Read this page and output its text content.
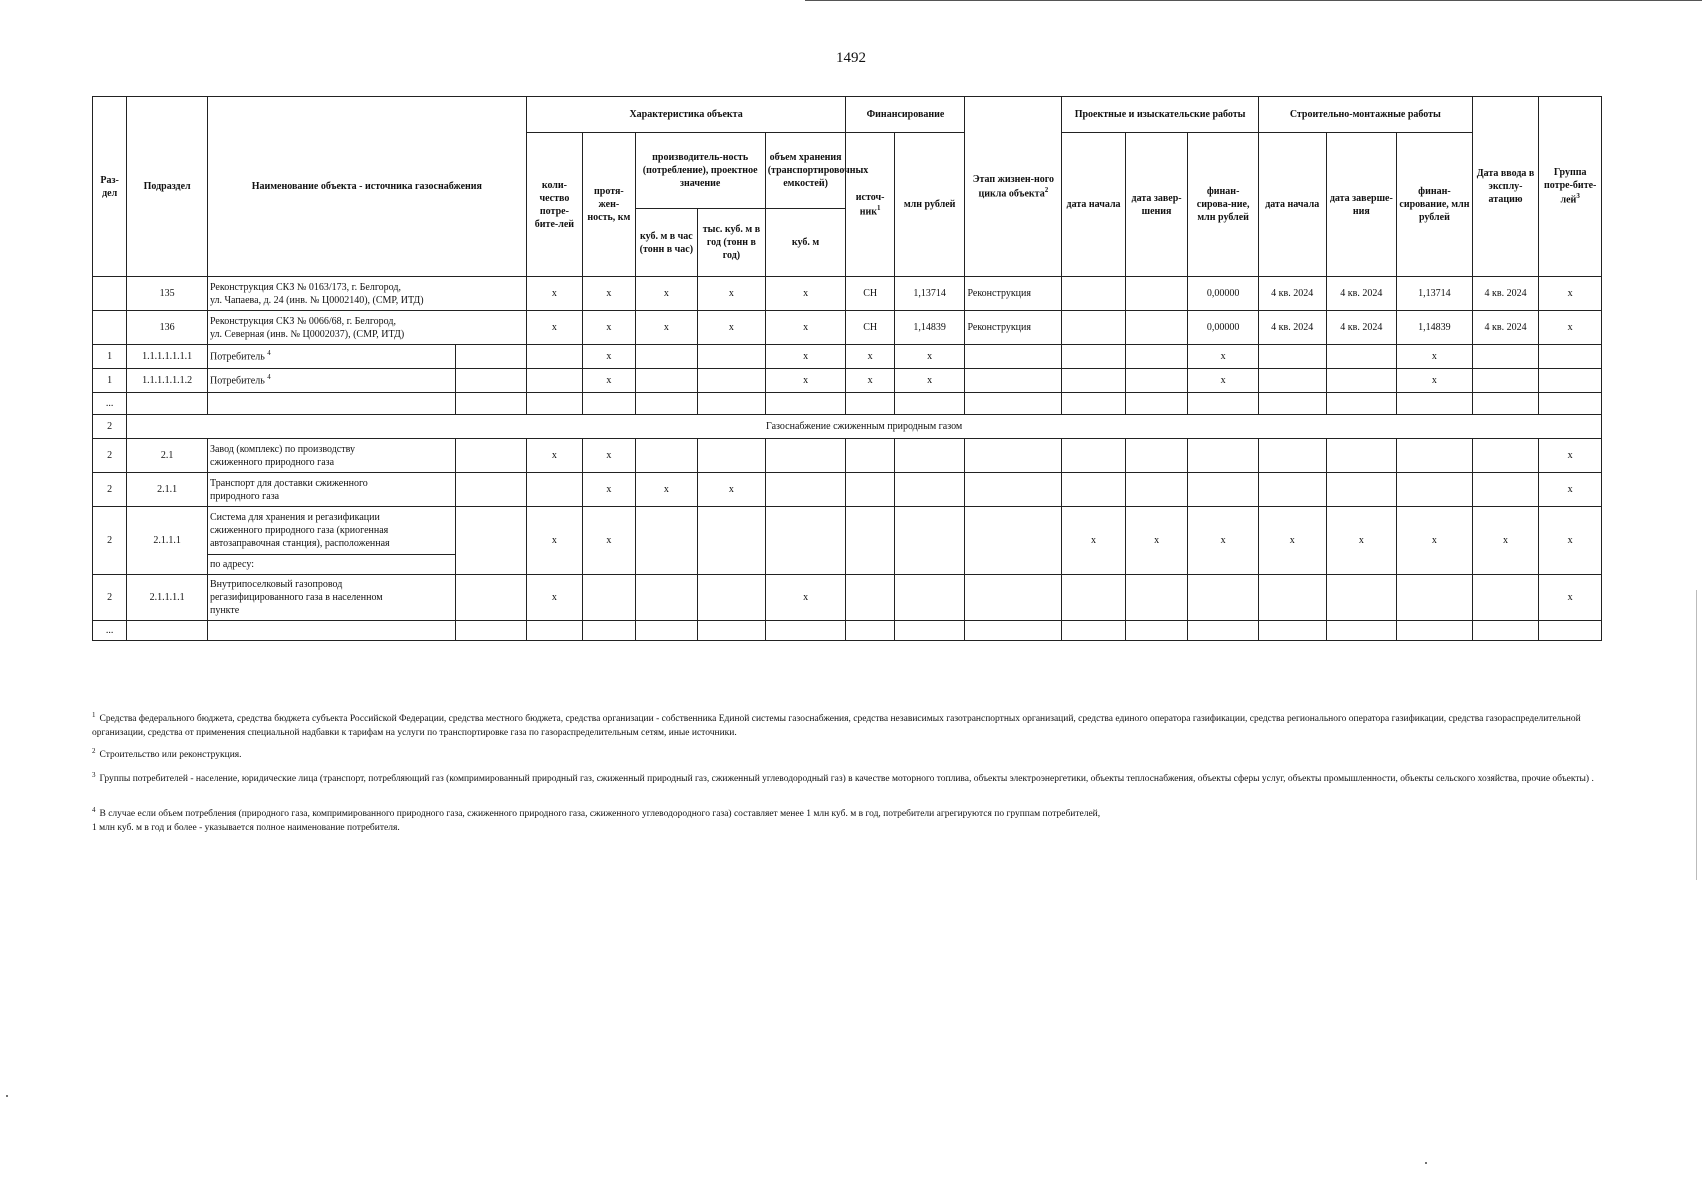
1492
Раз-дел	Подраздел	Наименование объекта - источника газоснабжения		Характеристика объекта					Финансирование		Этап жизнен-ного цикла объекта$^2$	Проектные и изыскательские работы			Строительно-монтажные работы			Дата ввода в эксплу-атацию	Группа потре-бите-лей$^3$
				коли-чество потре-бите-лей	протя-жен-ность, км	производитель-ность (потребление), проектное значение		объем хранения (транспортировочных емкостей)	источ-ник$^1$	млн рублей		дата начала	дата завер-шения	финан-сирова-ние, млн рублей	дата начала	дата заверше-ния	финан-сирование, млн рублей		
						куб. м в час (тонн в час)	тыс. куб. м в год (тонн в год)	куб. м											

	135	Реконструкция СКЗ № 0163/173, г. Белгород,
ул. Чапаева, д. 24 (инв. № Ц0002140), (СМР, ИТД)		x	x	x	x	x	СН	1,13714	Реконструкция			0,00000	4 кв. 2024	4 кв. 2024	1,13714	4 кв. 2024	x
	136	Реконструкция СКЗ № 0066/68, г. Белгород,
ул. Северная (инв. № Ц0002037), (СМР, ИТД)		x	x	x	x	x	СН	1,14839	Реконструкция			0,00000	4 кв. 2024	4 кв. 2024	1,14839	4 кв. 2024	x
1	1.1.1.1.1.1.1	Потребитель $^4$			x			x	x	x				x			x		
1	1.1.1.1.1.1.2	Потребитель $^4$			x			x	x	x				x			x		
...																			
2	Газоснабжение сжиженным природным газом																		
2	2.1	Завод (комплекс) по производству
сжиженного природного газа		x	x														x
2	2.1.1	Транспорт для доставки сжиженного
природного газа			x	x	x												x
2	2.1.1.1	Система для хранения и регазификации
сжиженного природного газа (криогенная
автозаправочная станция), расположенная		x	x							x	x	x	x	x	x	x	x
		по адресу:																	
2	2.1.1.1.1	Внутрипоселковый газопровод
регазифицированного газа в населенном
пункте		x				x											x
...																			
$^1$ Средства федерального бюджета, средства бюджета субъекта Российской Федерации, средства местного бюджета, средства организации - собственника Единой системы газоснабжения, средства независимых газотранспортных организаций, средства единого оператора газификации, средства регионального оператора газификации, средства газораспределительной организации, средства от применения специальной надбавки к тарифам на услуги по транспортировке газа по газораспределительным сетям, иные источники.
$^2$ Строительство или реконструкция.
$^3$ Группы потребителей - население, юридические лица (транспорт, потребляющий газ (компримированный природный газ, сжиженный природный газ, сжиженный углеводородный газ) в качестве моторного топлива, объекты электроэнергетики, объекты теплоснабжения, объекты сферы услуг, объекты промышленности, объекты сельского хозяйства, прочие объекты) .
$^4$ В случае если объем потребления (природного газа, компримированного природного газа, сжиженного природного газа, сжиженного углеводородного газа) составляет менее 1 млн куб. м в год, потребители агрегируются по группам потребителей,
1 млн куб. м в год и более - указывается полное наименование потребителя.
